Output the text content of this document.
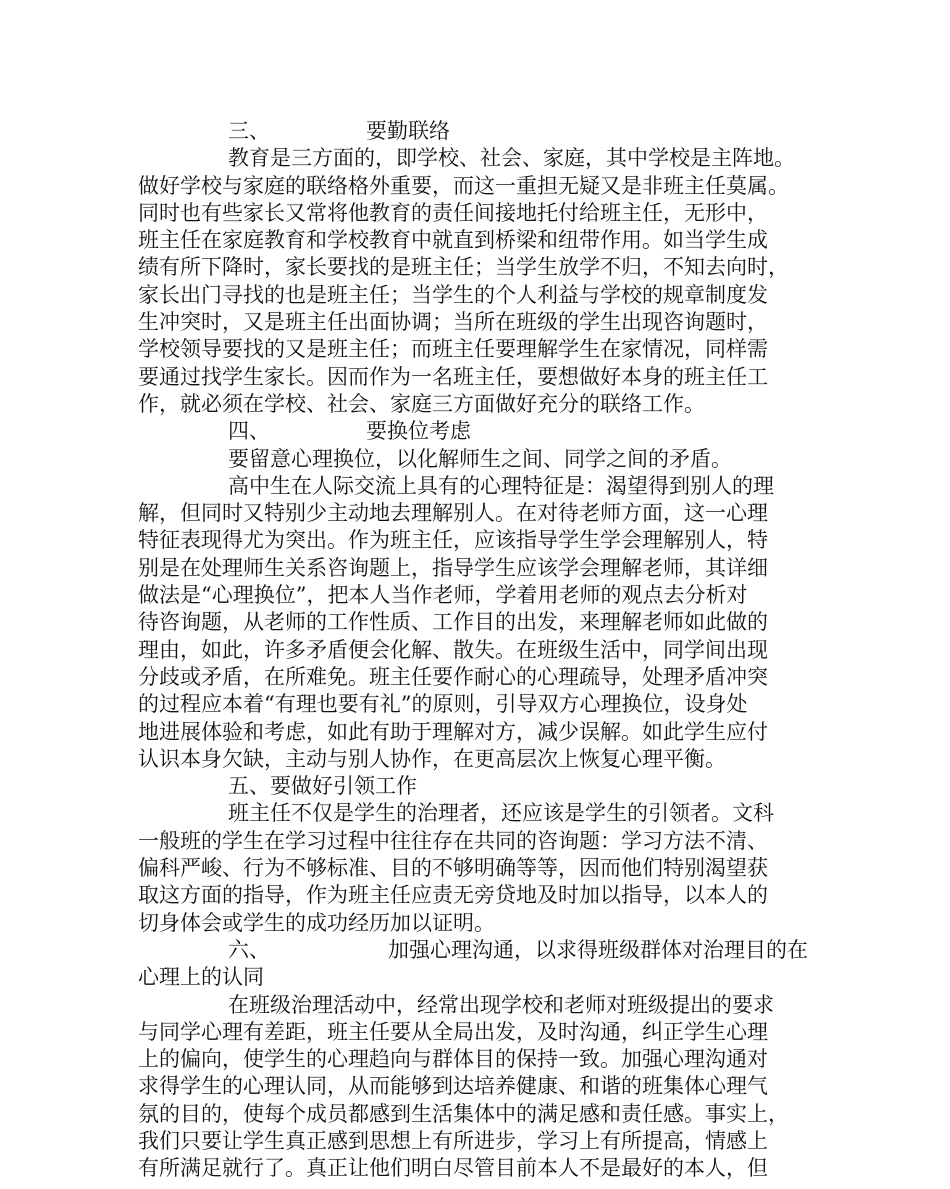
三、	要勤联络
教育是三方面的，即学校、社会、家庭，其中学校是主阵地。
做好学校与家庭的联络格外重要，而这一重担无疑又是非班主任莫属。
同时也有些家长又常将他教育的责任间接地托付给班主任，无形中，
班主任在家庭教育和学校教育中就直到桥梁和纽带作用。如当学生成
绩有所下降时，家长要找的是班主任；当学生放学不归，不知去向时，
家长出门寻找的也是班主任；当学生的个人利益与学校的规章制度发
生冲突时，又是班主任出面协调；当所在班级的学生出现咨询题时，
学校领导要找的又是班主任；而班主任要理解学生在家情况，同样需
要通过找学生家长。因而作为一名班主任，要想做好本身的班主任工
作，就必须在学校、社会、家庭三方面做好充分的联络工作。
四、	要换位考虑
要留意心理换位，以化解师生之间、同学之间的矛盾。
高中生在人际交流上具有的心理特征是：渴望得到别人的理
解，但同时又特别少主动地去理解别人。在对待老师方面，这一心理
特征表现得尤为突出。作为班主任，应该指导学生学会理解别人，特
别是在处理师生关系咨询题上，指导学生应该学会理解老师，其详细
做法是“心理换位”，把本人当作老师，学着用老师的观点去分析对
待咨询题，从老师的工作性质、工作目的出发，来理解老师如此做的
理由，如此，许多矛盾便会化解、散失。在班级生活中，同学间出现
分歧或矛盾，在所难免。班主任要作耐心的心理疏导，处理矛盾冲突
的过程应本着“有理也要有礼”的原则，引导双方心理换位，设身处
地进展体验和考虑，如此有助于理解对方，减少误解。如此学生应付
认识本身欠缺，主动与别人协作，在更高层次上恢复心理平衡。
五、要做好引领工作
班主任不仅是学生的治理者，还应该是学生的引领者。文科
一般班的学生在学习过程中往往存在共同的咨询题：学习方法不清、
偏科严峻、行为不够标准、目的不够明确等等，因而他们特别渴望获
取这方面的指导，作为班主任应责无旁贷地及时加以指导，以本人的
切身体会或学生的成功经历加以证明。
六、	加强心理沟通，以求得班级群体对治理目的在
心理上的认同
在班级治理活动中，经常出现学校和老师对班级提出的要求
与同学心理有差距，班主任要从全局出发，及时沟通，纠正学生心理
上的偏向，使学生的心理趋向与群体目的保持一致。加强心理沟通对
求得学生的心理认同，从而能够到达培养健康、和谐的班集体心理气
氛的目的，使每个成员都感到生活集体中的满足感和责任感。事实上，
我们只要让学生真正感到思想上有所进步，学习上有所提高，情感上
有所满足就行了。真正让他们明白尽管目前本人不是最好的本人，但
